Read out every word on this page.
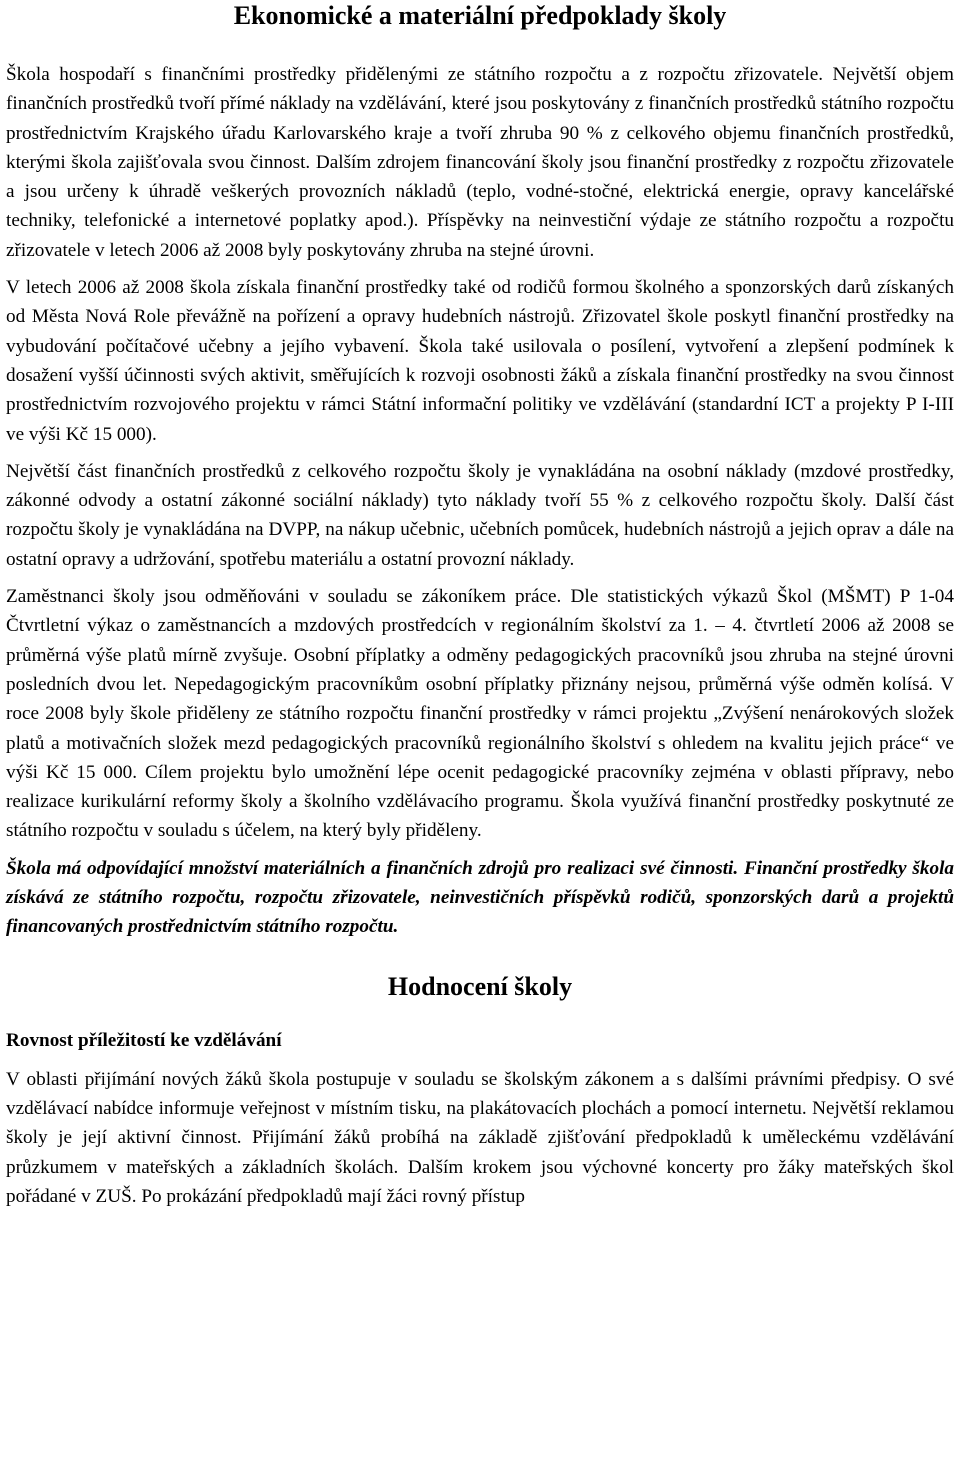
Ekonomické a materiální předpoklady školy

Škola hospodaří s finančními prostředky přidělenými ze státního rozpočtu a z rozpočtu zřizovatele. Největší objem finančních prostředků tvoří přímé náklady na vzdělávání, které jsou poskytovány z finančních prostředků státního rozpočtu prostřednictvím Krajského úřadu Karlovarského kraje a tvoří zhruba 90 % z celkového objemu finančních prostředků, kterými škola zajišťovala svou činnost. Dalším zdrojem financování školy jsou finanční prostředky z rozpočtu zřizovatele a jsou určeny k úhradě veškerých provozních nákladů (teplo, vodné-stočné, elektrická energie, opravy kancelářské techniky, telefonické a internetové poplatky apod.). Příspěvky na neinvestiční výdaje ze státního rozpočtu a rozpočtu zřizovatele v letech 2006 až 2008 byly poskytovány zhruba na stejné úrovni.

V letech 2006 až 2008 škola získala finanční prostředky také od rodičů formou školného a sponzorských darů získaných od Města Nová Role převážně na pořízení a opravy hudebních nástrojů. Zřizovatel škole poskytl finanční prostředky na vybudování počítačové učebny a jejího vybavení. Škola také usilovala o posílení, vytvoření a zlepšení podmínek k dosažení vyšší účinnosti svých aktivit, směřujících k rozvoji osobnosti žáků a získala finanční prostředky na svou činnost prostřednictvím rozvojového projektu v rámci Státní informační politiky ve vzdělávání (standardní ICT a projekty P I-III ve výši Kč 15 000).

Největší část finančních prostředků z celkového rozpočtu školy je vynakládána na osobní náklady (mzdové prostředky, zákonné odvody a ostatní zákonné sociální náklady) tyto náklady tvoří 55 % z celkového rozpočtu školy. Další část rozpočtu školy je vynakládána na DVPP, na nákup učebnic, učebních pomůcek, hudebních nástrojů a jejich oprav a dále na ostatní opravy a udržování, spotřebu materiálu a ostatní provozní náklady.

Zaměstnanci školy jsou odměňováni v souladu se zákoníkem práce. Dle statistických výkazů Škol (MŠMT) P 1-04 Čtvrtletní výkaz o zaměstnancích a mzdových prostředcích v regionálním školství za 1. – 4. čtvrtletí 2006 až 2008 se průměrná výše platů mírně zvyšuje. Osobní příplatky a odměny pedagogických pracovníků jsou zhruba na stejné úrovni posledních dvou let. Nepedagogickým pracovníkům osobní příplatky přiznány nejsou, průměrná výše odměn kolísá. V roce 2008 byly škole přiděleny ze státního rozpočtu finanční prostředky v rámci projektu „Zvýšení nenárokových složek platů a motivačních složek mezd pedagogických pracovníků regionálního školství s ohledem na kvalitu jejich práce“ ve výši Kč 15 000. Cílem projektu bylo umožnění lépe ocenit pedagogické pracovníky zejména v oblasti přípravy, nebo realizace kurikulární reformy školy a školního vzdělávacího programu. Škola využívá finanční prostředky poskytnuté ze státního rozpočtu v souladu s účelem, na který byly přiděleny.

Škola má odpovídající množství materiálních a finančních zdrojů pro realizaci své činnosti. Finanční prostředky škola získává ze státního rozpočtu, rozpočtu zřizovatele, neinvestičních příspěvků rodičů, sponzorských darů a projektů financovaných prostřednictvím státního rozpočtu.

Hodnocení školy
Rovnost příležitostí ke vzdělávání

V oblasti přijímání nových žáků škola postupuje v souladu se školským zákonem a s dalšími právními předpisy. O své vzdělávací nabídce informuje veřejnost v místním tisku, na plakátovacích plochách a pomocí internetu. Největší reklamou školy je její aktivní činnost. Přijímání žáků probíhá na základě zjišťování předpokladů k uměleckému vzdělávání průzkumem v mateřských a základních školách. Dalším krokem jsou výchovné koncerty pro žáky mateřských škol pořádané v ZUŠ. Po prokázání předpokladů mají žáci rovný přístup
